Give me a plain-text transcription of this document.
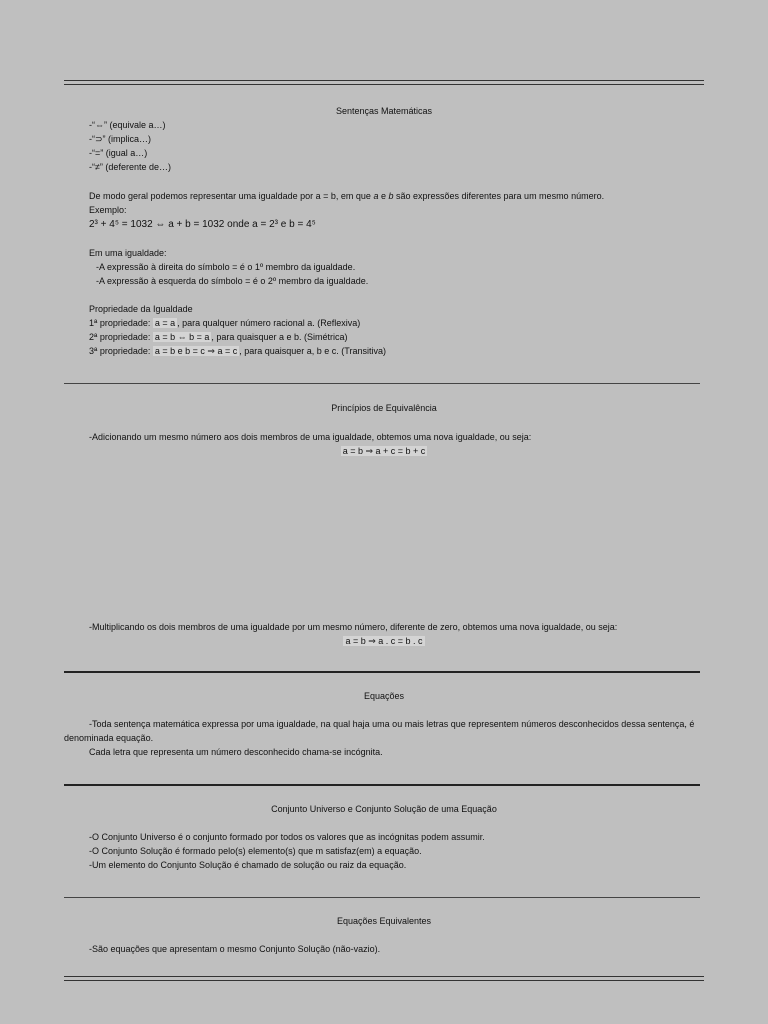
Sentenças Matemáticas
-“⇔” (equivale a…)
-“⊃” (implica…)
-“=” (igual a…)
-“≠” (deferente de…)
De modo geral podemos representar uma igualdade por a = b, em que a e b são expressões diferentes para um mesmo número.
Exemplo:
2³ + 4⁵ = 1032 ⇔ a + b = 1032 onde a = 2³ e b = 4⁵
Em uma igualdade:
-A expressão à direita do símbolo = é o 1º membro da igualdade.
-A expressão à esquerda do símbolo = é o 2º membro da igualdade.
Propriedade da Igualdade
1ª propriedade: a = a , para qualquer número racional a. (Reflexiva)
2ª propriedade: a = b ⇔ b = a , para quaisquer a e b. (Simétrica)
3ª propriedade: a = b e b = c ⇒ a = c , para quaisquer a, b e c. (Transitiva)
Princípios de Equivalência
-Adicionando um mesmo número aos dois membros de uma igualdade, obtemos uma nova igualdade, ou seja:
a = b ⇒ a + c = b + c
-Multiplicando os dois membros de uma igualdade por um mesmo número, diferente de zero, obtemos uma nova igualdade, ou seja:
a = b ⇒ a . c = b . c
Equações
-Toda sentença matemática expressa por uma igualdade, na qual haja uma ou mais letras que representem números desconhecidos dessa sentença, é
denominada equação.
Cada letra que representa um número desconhecido chama-se incógnita.
Conjunto Universo e Conjunto Solução de uma Equação
-O Conjunto Universo é o conjunto formado por todos os valores que as incógnitas podem assumir.
-O Conjunto Solução é formado pelo(s) elemento(s) que m satisfaz(em) a equação.
-Um elemento do Conjunto Solução é chamado de solução ou raiz da equação.
Equações Equivalentes
-São equações que apresentam o mesmo Conjunto Solução (não-vazio).
